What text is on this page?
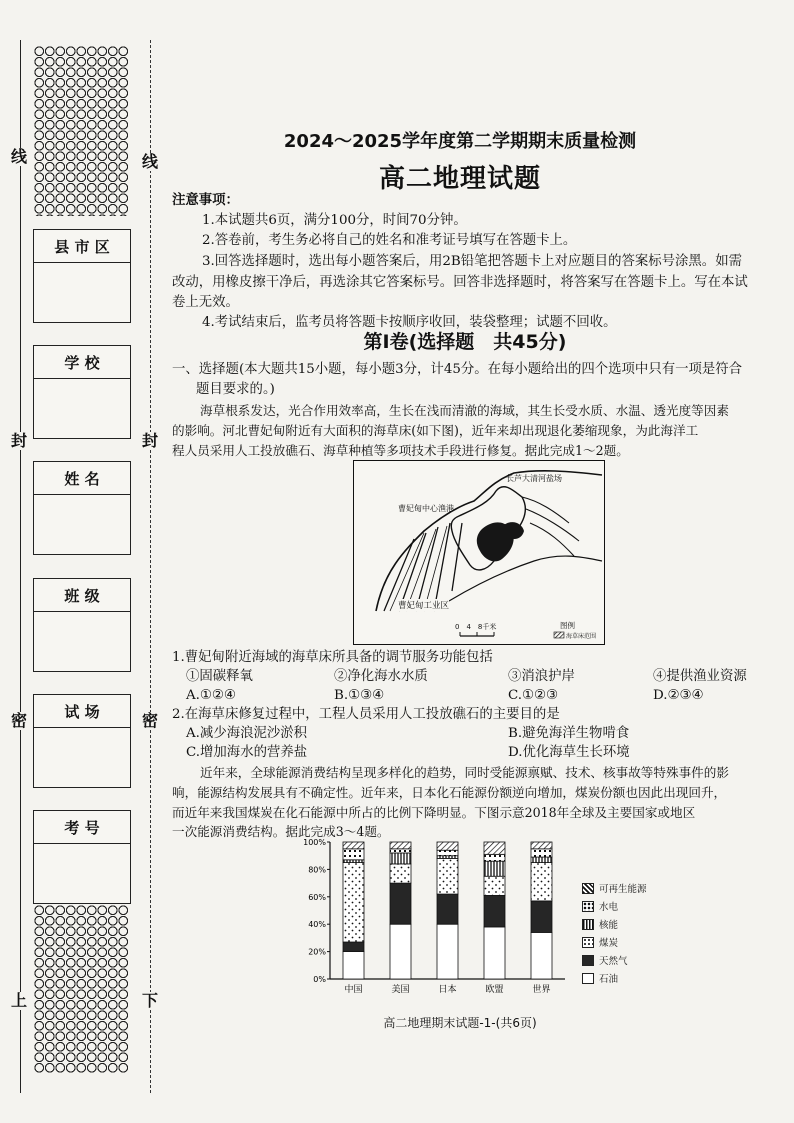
线	线
封	封
密	密
上	下
县 市 区
学 校
姓 名
班 级
试 场
考 号
2024～2025学年度第二学期期末质量检测
高二地理试题
注意事项：
1.本试题共6页，满分100分，时间70分钟。
2.答卷前，考生务必将自己的姓名和准考证号填写在答题卡上。
3.回答选择题时，选出每小题答案后，用2B铅笔把答题卡上对应题目的答案标号涂黑。如需
改动，用橡皮擦干净后，再选涂其它答案标号。回答非选择题时，将答案写在答题卡上。写在本试
卷上无效。
4.考试结束后，监考员将答题卡按顺序收回，装袋整理；试题不回收。
第Ⅰ卷(选择题　共45分)
一、选择题(本大题共15小题，每小题3分，计45分。在每小题给出的四个选项中只有一项是符合
题目要求的。)
海草根系发达，光合作用效率高，生长在浅而清澈的海域，其生长受水质、水温、透光度等因素
的影响。河北曹妃甸附近有大面积的海草床(如下图)，近年来却出现退化萎缩现象，为此海洋工
程人员采用人工投放礁石、海草种植等多项技术手段进行修复。据此完成1～2题。
长芦大清河盐场
曹妃甸中心渔港
曹妃甸工业区
0　4　8千米	图例
海草床范围
1.曹妃甸附近海域的海草床所具备的调节服务功能包括
①固碳释氧	②净化海水水质	③消浪护岸	④提供渔业资源
A.①②④	B.①③④	C.①②③	D.②③④
2.在海草床修复过程中，工程人员采用人工投放礁石的主要目的是
A.减少海浪泥沙淤积	B.避免海洋生物啃食
C.增加海水的营养盐	D.优化海草生长环境
近年来，全球能源消费结构呈现多样化的趋势，同时受能源禀赋、技术、核事故等特殊事件的影
响，能源结构发展具有不确定性。近年来，日本化石能源份额逆向增加，煤炭份额也因此出现回升，
而近年来我国煤炭在化石能源中所占的比例下降明显。下图示意2018年全球及主要国家或地区
一次能源消费结构。据此完成3～4题。
0%
20%
40%
60%
80%
100%
中国	美国	日本	欧盟	世界
可再生能源
水电
核能
煤炭
天然气
石油
高二地理期末试题-1-(共6页)
